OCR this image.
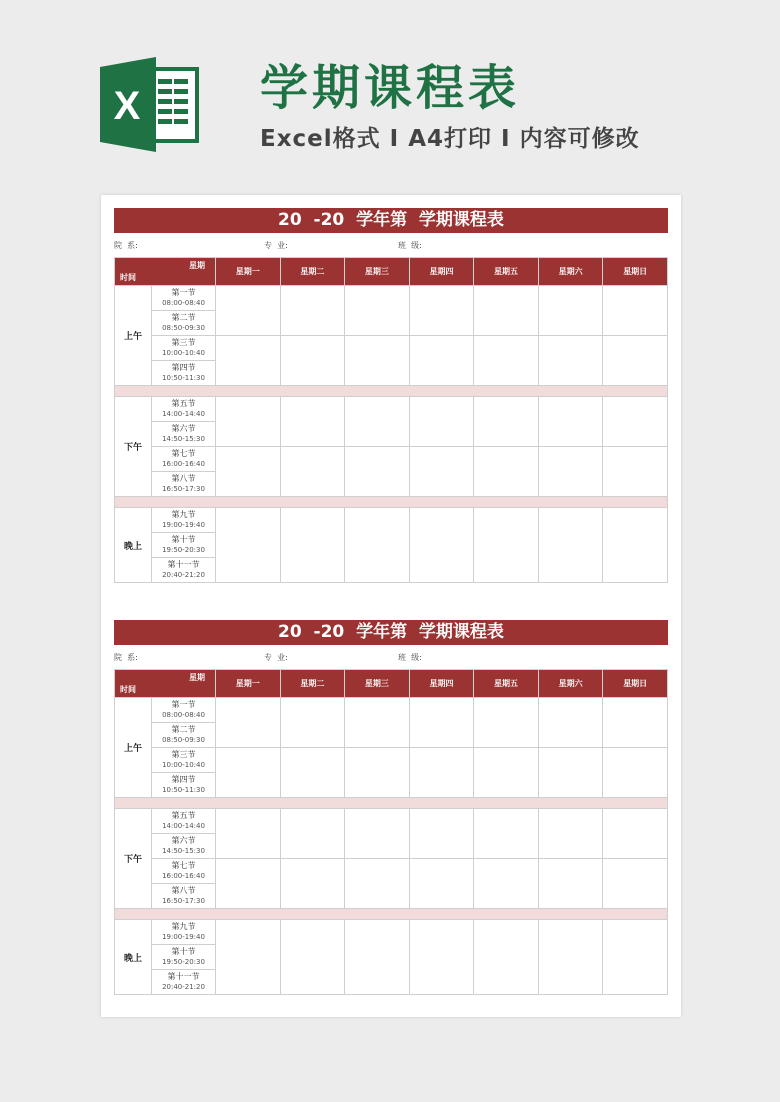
X 学期课程表
Excel格式 I A4打印 I 内容可修改
20  -20  学年第  学期课程表
院  系:	专  业:	班  级:
星期
时间		星期一	星期二	星期三	星期四	星期五	星期六	星期日
上午	第一节
08:00-08:40							

	第二节
08:50-09:30							

	第三节
10:00-10:40							

	第四节
10:50-11:30							

下午	第五节
14:00-14:40							

	第六节
14:50-15:30							

	第七节
16:00-16:40							

	第八节
16:50-17:30							

晚上	第九节
19:00-19:40							

	第十节
19:50-20:30							

	第十一节
20:40-21:20							
20  -20  学年第  学期课程表
院  系:	专  业:	班  级:
星期
时间		星期一	星期二	星期三	星期四	星期五	星期六	星期日
上午	第一节
08:00-08:40							

	第二节
08:50-09:30							

	第三节
10:00-10:40							

	第四节
10:50-11:30							

下午	第五节
14:00-14:40							

	第六节
14:50-15:30							

	第七节
16:00-16:40							

	第八节
16:50-17:30							

晚上	第九节
19:00-19:40							

	第十节
19:50-20:30							

	第十一节
20:40-21:20							
